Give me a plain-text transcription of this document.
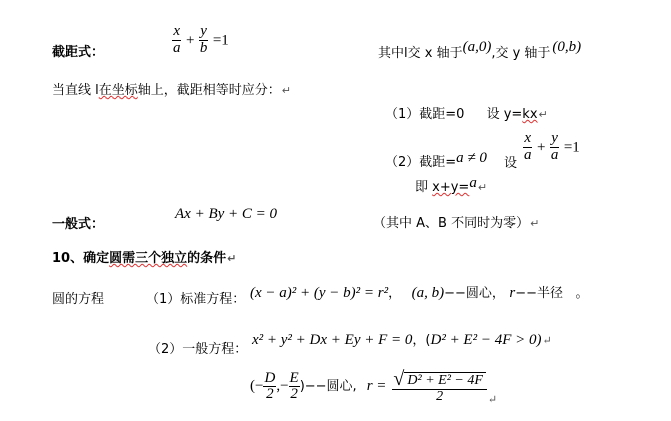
截距式：	$\frac{x}{a} + \frac{y}{b} =1$
其中l交 x 轴于(a,0),交 y 轴于 (0,b)
当直线 l在坐标轴上，截距相等时应分：↵
（1）截距=0 设 y=kx↵
（2）截距=a ≠ 0 设 $\frac{x}{a} + \frac{y}{a} =1$
即 x+y=a↵
一般式：
Ax + By + C = 0
（其中 A、B 不同时为零）↵
10、确定圆需三个独立的条件↵
圆的方程	（1）标准方程： (x − a)² + (y − b)² = r²， (a, b)−−圆心， r−−半径 。
（2）一般方程：
x² + y² + Dx + Ey + F = 0，(D² + E² − 4F > 0)↵
(− $\frac{D}{2}$ ,− $\frac{E}{2}$ )−−圆心, $r = \frac{\text{√ D² + E² − 4F}}{2}$ ↵
